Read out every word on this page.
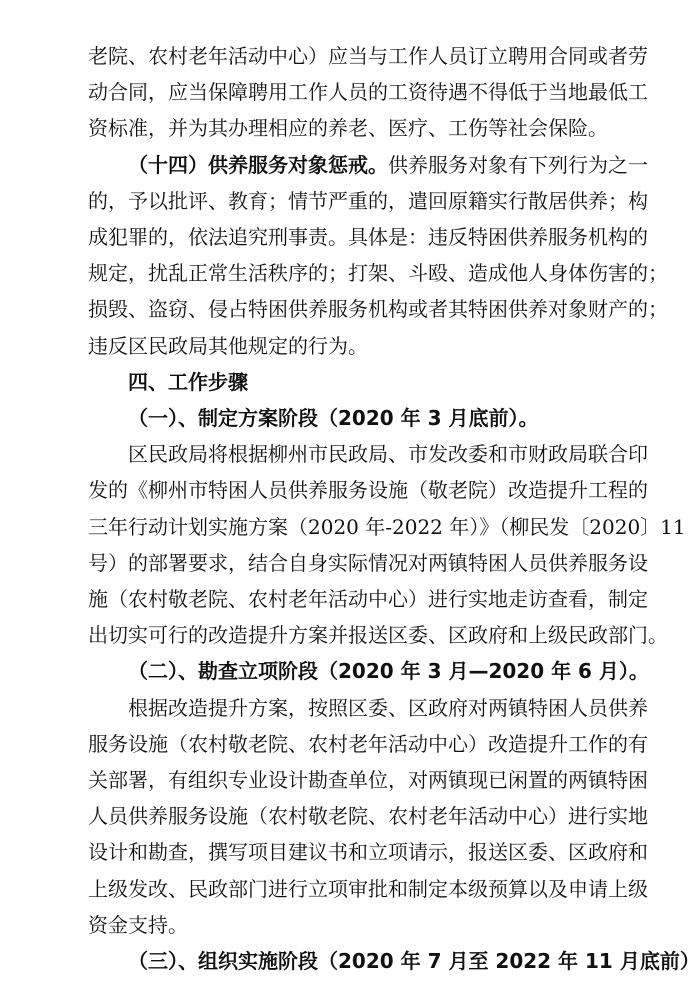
老院、农村老年活动中心）应当与工作人员订立聘用合同或者劳
动合同，应当保障聘用工作人员的工资待遇不得低于当地最低工
资标准，并为其办理相应的养老、医疗、工伤等社会保险。
（十四）供养服务对象惩戒。供养服务对象有下列行为之一
的，予以批评、教育；情节严重的，遣回原籍实行散居供养；构
成犯罪的，依法追究刑事责。具体是：违反特困供养服务机构的
规定，扰乱正常生活秩序的；打架、斗殴、造成他人身体伤害的；
损毁、盗窃、侵占特困供养服务机构或者其特困供养对象财产的；
违反区民政局其他规定的行为。
四、工作步骤
（一）、制定方案阶段（2020 年 3 月底前）。
区民政局将根据柳州市民政局、市发改委和市财政局联合印
发的《柳州市特困人员供养服务设施（敬老院）改造提升工程的
三年行动计划实施方案（2020 年-2022 年）》（柳民发〔2020〕11
号）的部署要求，结合自身实际情况对两镇特困人员供养服务设
施（农村敬老院、农村老年活动中心）进行实地走访查看，制定
出切实可行的改造提升方案并报送区委、区政府和上级民政部门。
（二）、勘查立项阶段（2020 年 3 月—2020 年 6 月）。
根据改造提升方案，按照区委、区政府对两镇特困人员供养
服务设施（农村敬老院、农村老年活动中心）改造提升工作的有
关部署，有组织专业设计勘查单位，对两镇现已闲置的两镇特困
人员供养服务设施（农村敬老院、农村老年活动中心）进行实地
设计和勘查，撰写项目建议书和立项请示，报送区委、区政府和
上级发改、民政部门进行立项审批和制定本级预算以及申请上级
资金支持。
（三）、组织实施阶段（2020 年 7 月至 2022 年 11 月底前）
